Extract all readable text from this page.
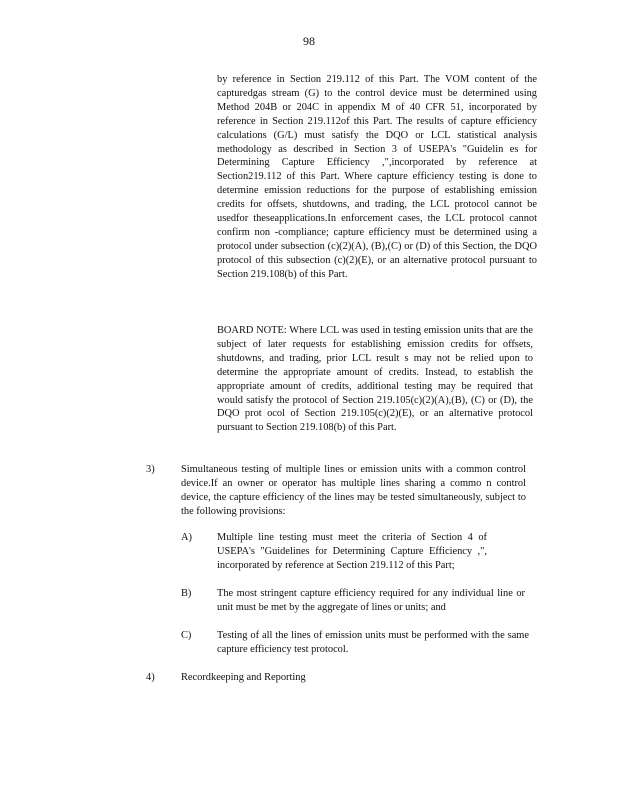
98

by reference in Section 219.112 of this Part. The VOM content of the capturedgas stream (G) to the control device must be determined using Method 204B or 204C in appendix M of 40 CFR 51, incorporated by reference in Section 219.112of this Part. The results of capture efficiency calculations (G/L) must satisfy the DQO or LCL statistical analysis methodology as described in Section 3 of USEPA's "Guidelin es for Determining Capture Efficiency ,",incorporated by reference at Section219.112 of this Part. Where capture efficiency testing is done to determine emission reductions for the purpose of establishing emission credits for offsets, shutdowns, and trading, the LCL protocol cannot be usedfor theseapplications.In enforcement cases, the LCL protocol cannot confirm non -compliance; capture efficiency must be determined using a protocol under subsection (c)(2)(A), (B),(C) or (D) of this Section, the DQO protocol of this subsection (c)(2)(E), or an alternative protocol pursuant to Section 219.108(b) of this Part.

BOARD NOTE: Where LCL was used in testing emission units that are the subject of later requests for establishing emission credits for offsets, shutdowns, and trading, prior LCL result s may not be relied upon to determine the appropriate amount of credits. Instead, to establish the appropriate amount of credits, additional testing may be required that would satisfy the protocol of Section 219.105(c)(2)(A),(B), (C) or (D), the DQO prot ocol of Section 219.105(c)(2)(E), or an alternative protocol pursuant to Section 219.108(b) of this Part.

3)	Simultaneous testing of multiple lines or emission units with a common control device.If an owner or operator has multiple lines sharing a commo n control device, the capture efficiency of the lines may be tested simultaneously, subject to the following provisions:

A) Multiple line testing must meet the criteria of Section 4 of USEPA's "Guidelines for Determining Capture Efficiency ,", incorporated by reference at Section 219.112 of this Part;

B) The most stringent capture efficiency required for any individual line or unit must be met by the aggregate of lines or units; and

C) Testing of all the lines of emission units must be performed with the same capture efficiency test protocol.

4)	Recordkeeping and Reporting
